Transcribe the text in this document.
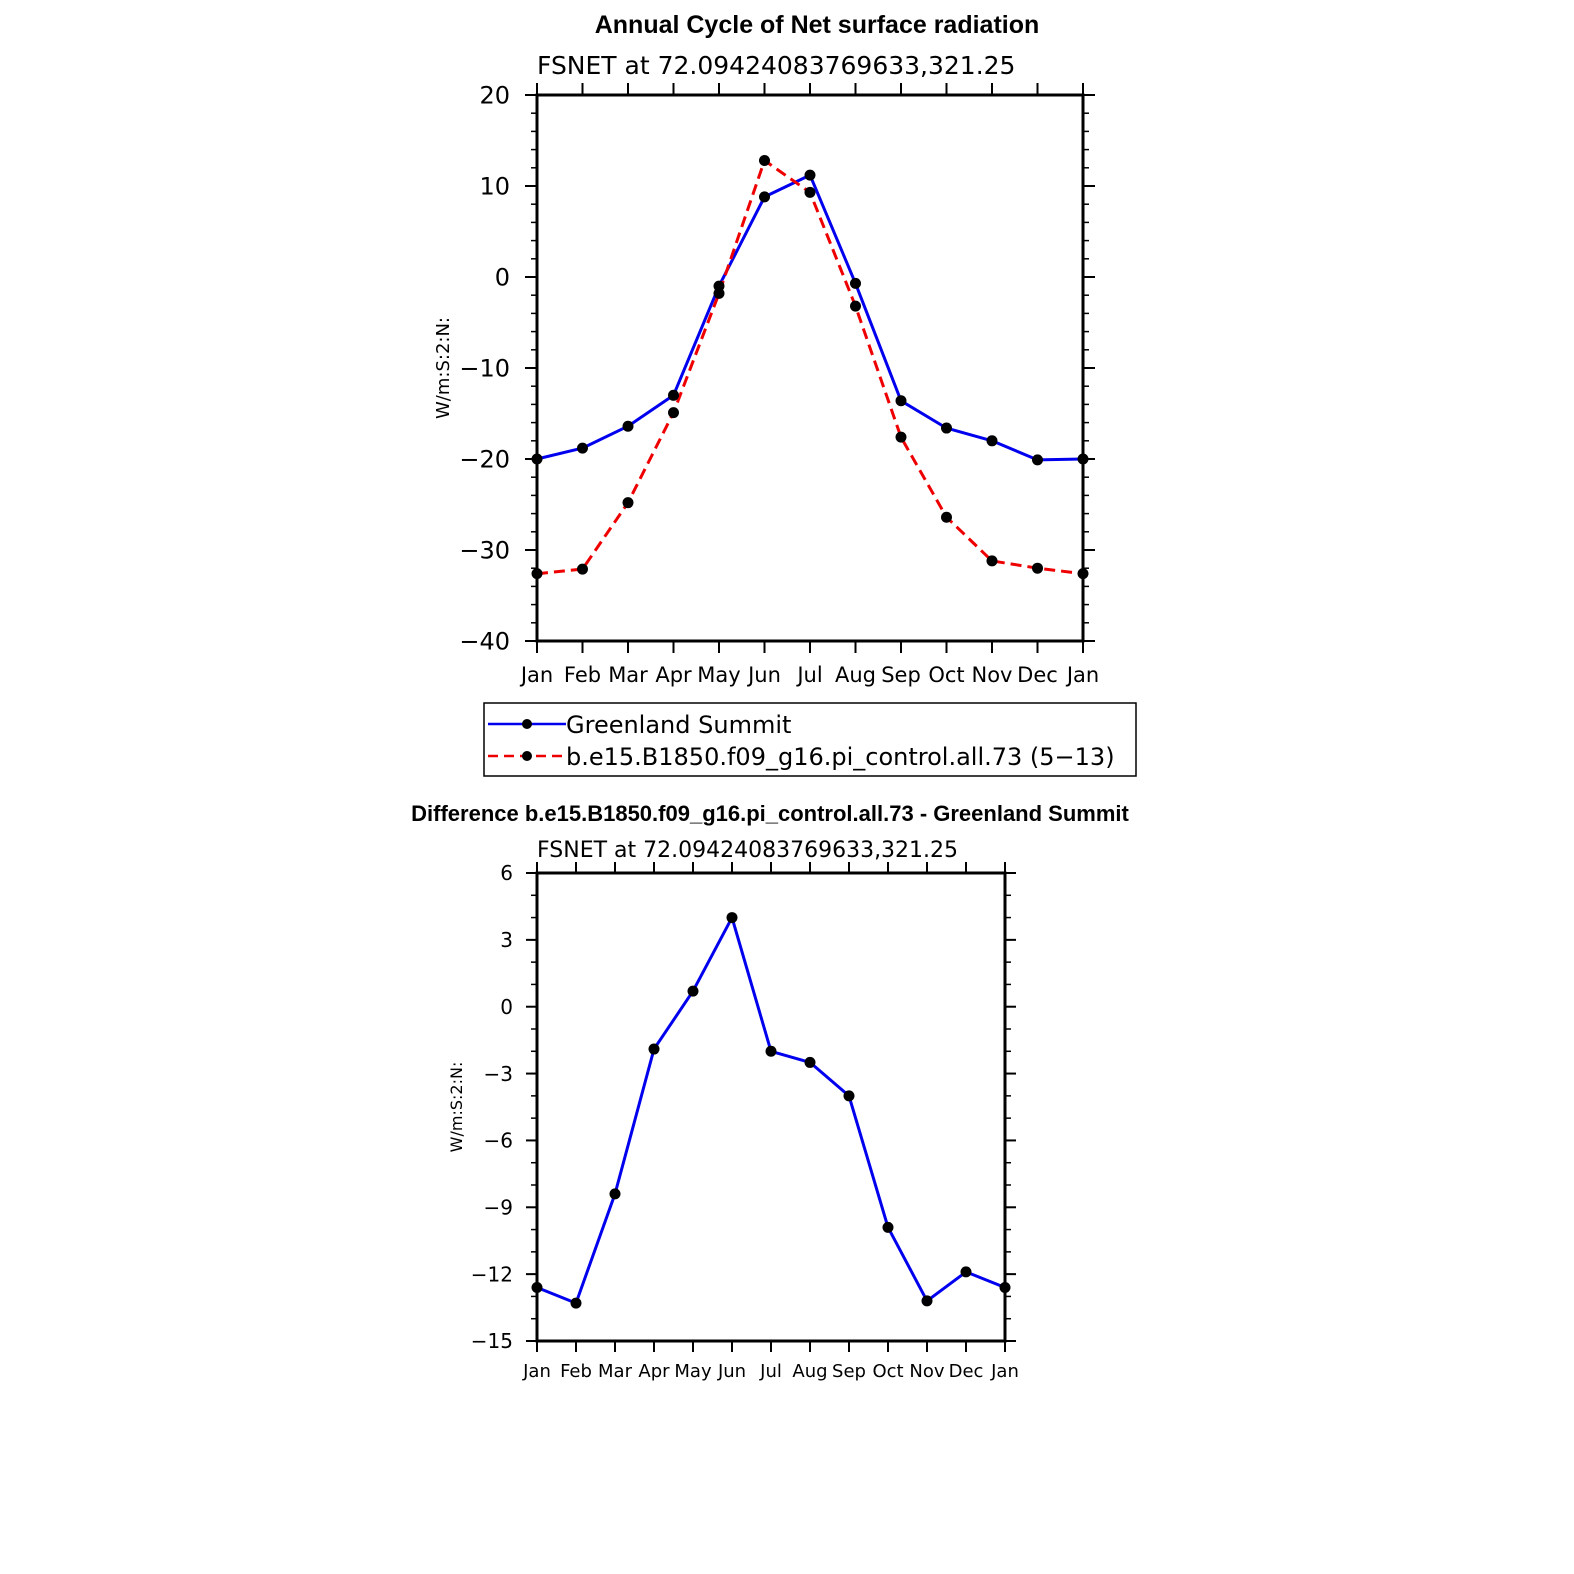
Annual Cycle of Net surface radiation
FSNET at 72.09424083769633,321.25
W/m:S:2:N:
20
10
0
−10
−20
−30
−40
Jan Feb Mar Apr May Jun Jul Aug Sep Oct Nov Dec Jan
Greenland Summit
b.e15.B1850.f09_g16.pi_control.all.73 (5−13)
Difference b.e15.B1850.f09_g16.pi_control.all.73 - Greenland Summit
FSNET at 72.09424083769633,321.25
W/m:S:2:N:
6
3
0
−3
−6
−9
−12
−15
Jan Feb Mar Apr May Jun Jul Aug Sep Oct Nov Dec Jan
